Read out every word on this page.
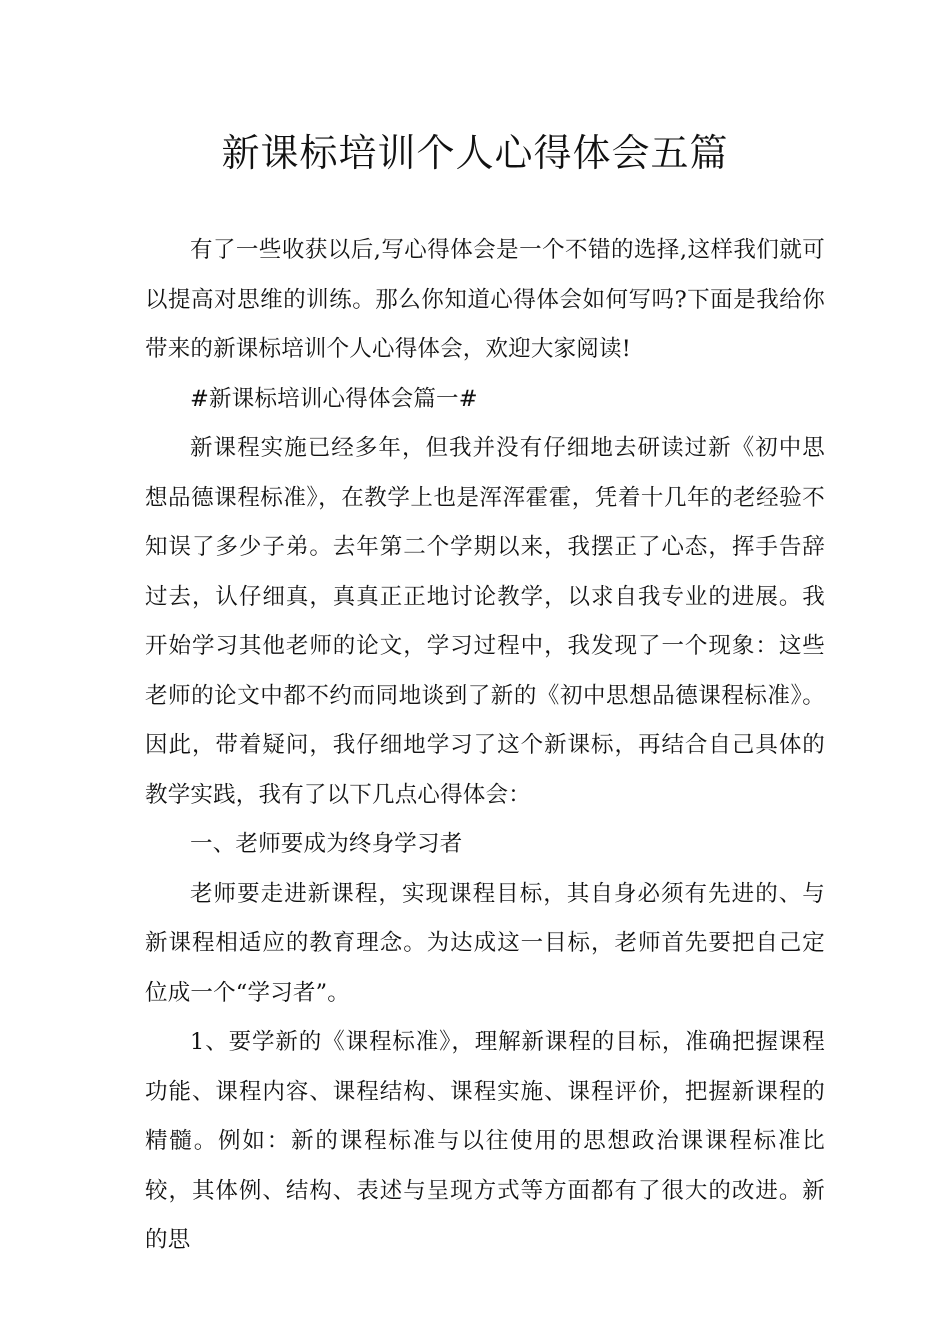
新课标培训个人心得体会五篇

有了一些收获以后,写心得体会是一个不错的选择,这样我们就可以提高对思维的训练。那么你知道心得体会如何写吗?下面是我给你带来的新课标培训个人心得体会，欢迎大家阅读!

#新课标培训心得体会篇一#

新课程实施已经多年，但我并没有仔细地去研读过新《初中思想品德课程标准》，在教学上也是浑浑霍霍，凭着十几年的老经验不知误了多少子弟。去年第二个学期以来，我摆正了心态，挥手告辞过去，认仔细真，真真正正地讨论教学，以求自我专业的进展。我开始学习其他老师的论文，学习过程中，我发现了一个现象：这些老师的论文中都不约而同地谈到了新的《初中思想品德课程标准》。因此，带着疑问，我仔细地学习了这个新课标，再结合自己具体的教学实践，我有了以下几点心得体会：

一、老师要成为终身学习者

老师要走进新课程，实现课程目标，其自身必须有先进的、与新课程相适应的教育理念。为达成这一目标，老师首先要把自己定位成一个“学习者”。

1、要学新的《课程标准》，理解新课程的目标，准确把握课程功能、课程内容、课程结构、课程实施、课程评价，把握新课程的精髓。例如：新的课程标准与以往使用的思想政治课课程标准比较，其体例、结构、表述与呈现方式等方面都有了很大的改进。新的思
